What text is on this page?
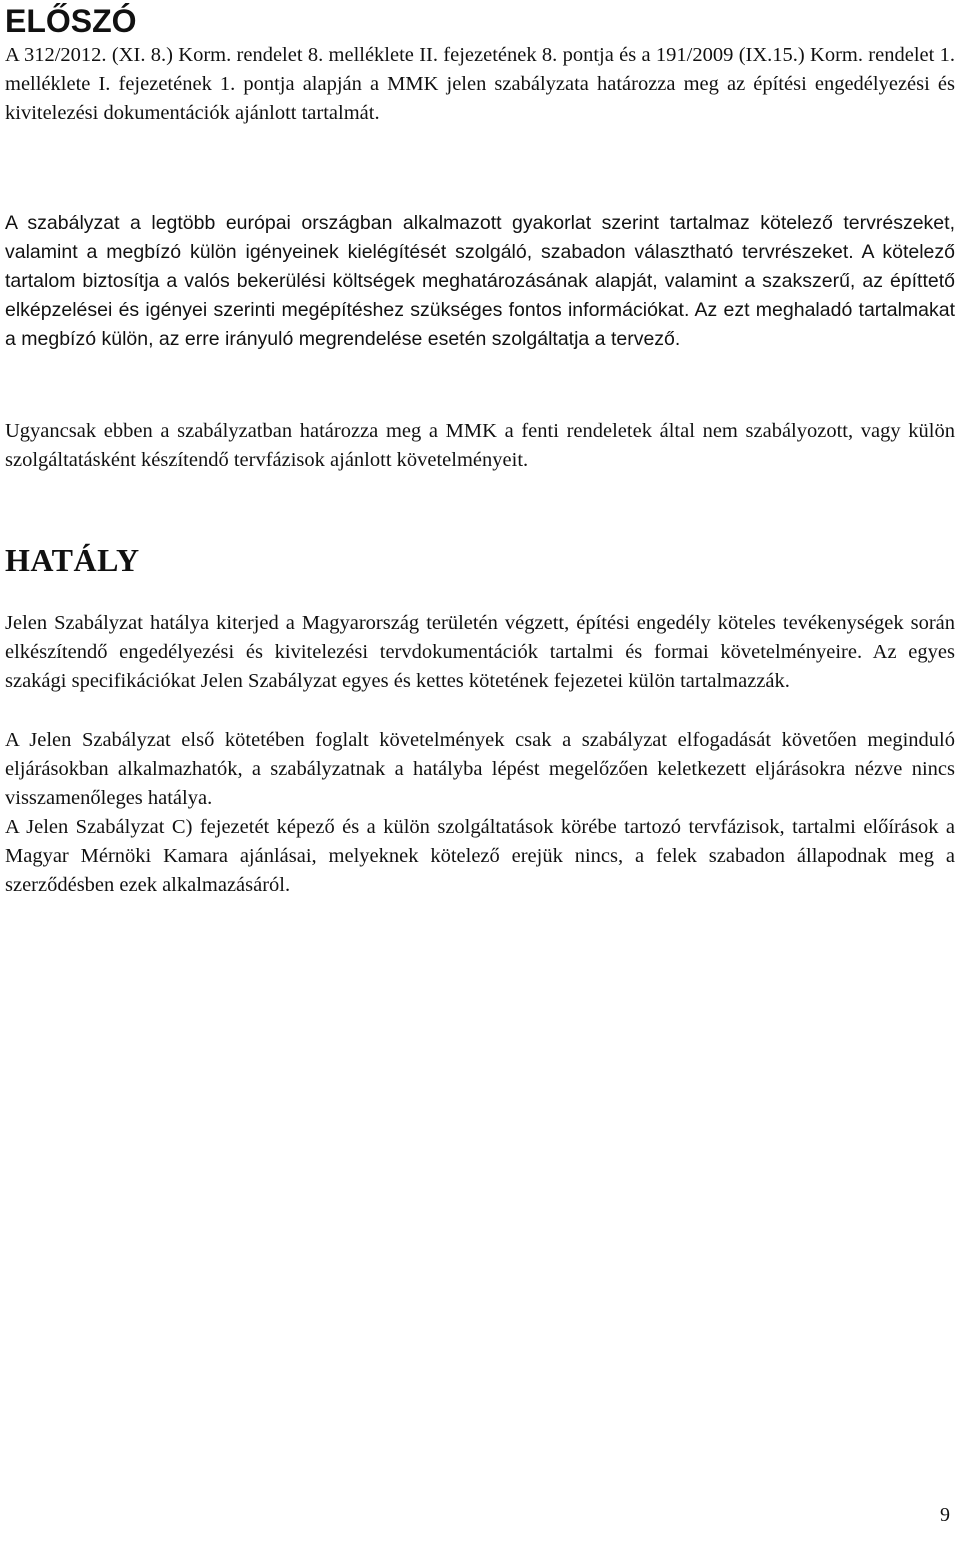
ELŐSZÓ

A 312/2012. (XI. 8.) Korm. rendelet 8. melléklete II. fejezetének 8. pontja és a 191/2009 (IX.15.) Korm. rendelet 1. melléklete I. fejezetének 1. pontja alapján a MMK jelen szabályzata határozza meg az építési engedélyezési és kivitelezési dokumentációk ajánlott tartalmát.

A szabályzat a legtöbb európai országban alkalmazott gyakorlat szerint tartalmaz kötelező tervrészeket, valamint a megbízó külön igényeinek kielégítését szolgáló, szabadon választható tervrészeket. A kötelező tartalom biztosítja a valós bekerülési költségek meghatározásának alapját, valamint a szakszerű, az építtető elképzelései és igényei szerinti megépítéshez szükséges fontos információkat. Az ezt meghaladó tartalmakat a megbízó külön, az erre irányuló megrendelése esetén szolgáltatja a tervező.

Ugyancsak ebben a szabályzatban határozza meg a MMK a fenti rendeletek által nem szabályozott, vagy külön szolgáltatásként készítendő tervfázisok ajánlott követelményeit.

HATÁLY

Jelen Szabályzat hatálya kiterjed a Magyarország területén végzett, építési engedély köteles tevékenységek során elkészítendő engedélyezési és kivitelezési tervdokumentációk tartalmi és formai követelményeire. Az egyes szakági specifikációkat Jelen Szabályzat egyes és kettes kötetének fejezetei külön tartalmazzák.

A Jelen Szabályzat első kötetében foglalt követelmények csak a szabályzat elfogadását követően meginduló eljárásokban alkalmazhatók, a szabályzatnak a hatályba lépést megelőzően keletkezett eljárásokra nézve nincs visszamenőleges hatálya.

A Jelen Szabályzat C) fejezetét képező és a külön szolgáltatások körébe tartozó tervfázisok, tartalmi előírások a Magyar Mérnöki Kamara ajánlásai, melyeknek kötelező erejük nincs, a felek szabadon állapodnak meg a szerződésben ezek alkalmazásáról.

9
